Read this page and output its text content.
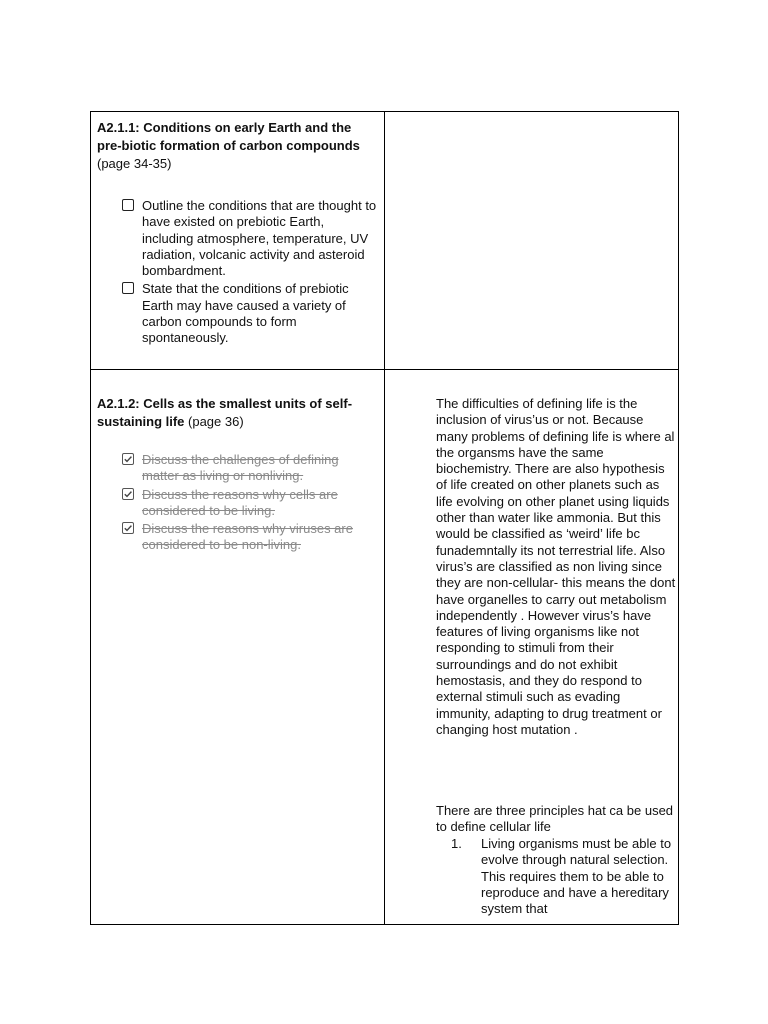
A2.1.1: Conditions on early Earth and the pre-biotic formation of carbon compounds (page 34-35)

Outline the conditions that are thought to have existed on prebiotic Earth, including atmosphere, temperature, UV radiation, volcanic activity and asteroid bombardment.
State that the conditions of prebiotic Earth may have caused a variety of carbon compounds to form spontaneously.

A2.1.2: Cells as the smallest units of self-sustaining life (page 36)

Discuss the challenges of defining matter as living or nonliving.
Discuss the reasons why cells are considered to be living.
Discuss the reasons why viruses are considered to be non-living.

The difficulties of defining life is the inclusion of virus’us or not. Because many problems of defining life is where al the organsms have the same biochemistry. There are also hypothesis of life created on other planets such as life evolving on other planet using liquids other than water like ammonia. But this would be classified as ‘weird’ life bc funademntally its not terrestrial life. Also virus’s are classified as non living since they are non-cellular- this means the dont have organelles to carry out metabolism independently . However virus’s have features of living organisms like not responding to stimuli from their surroundings and do not exhibit hemostasis, and they do respond to external stimuli such as evading immunity, adapting to drug treatment or changing host mutation .

There are three principles hat ca be used to define cellular life

1. Living organisms must be able to evolve through natural selection. This requires them to be able to reproduce and have a hereditary system that
